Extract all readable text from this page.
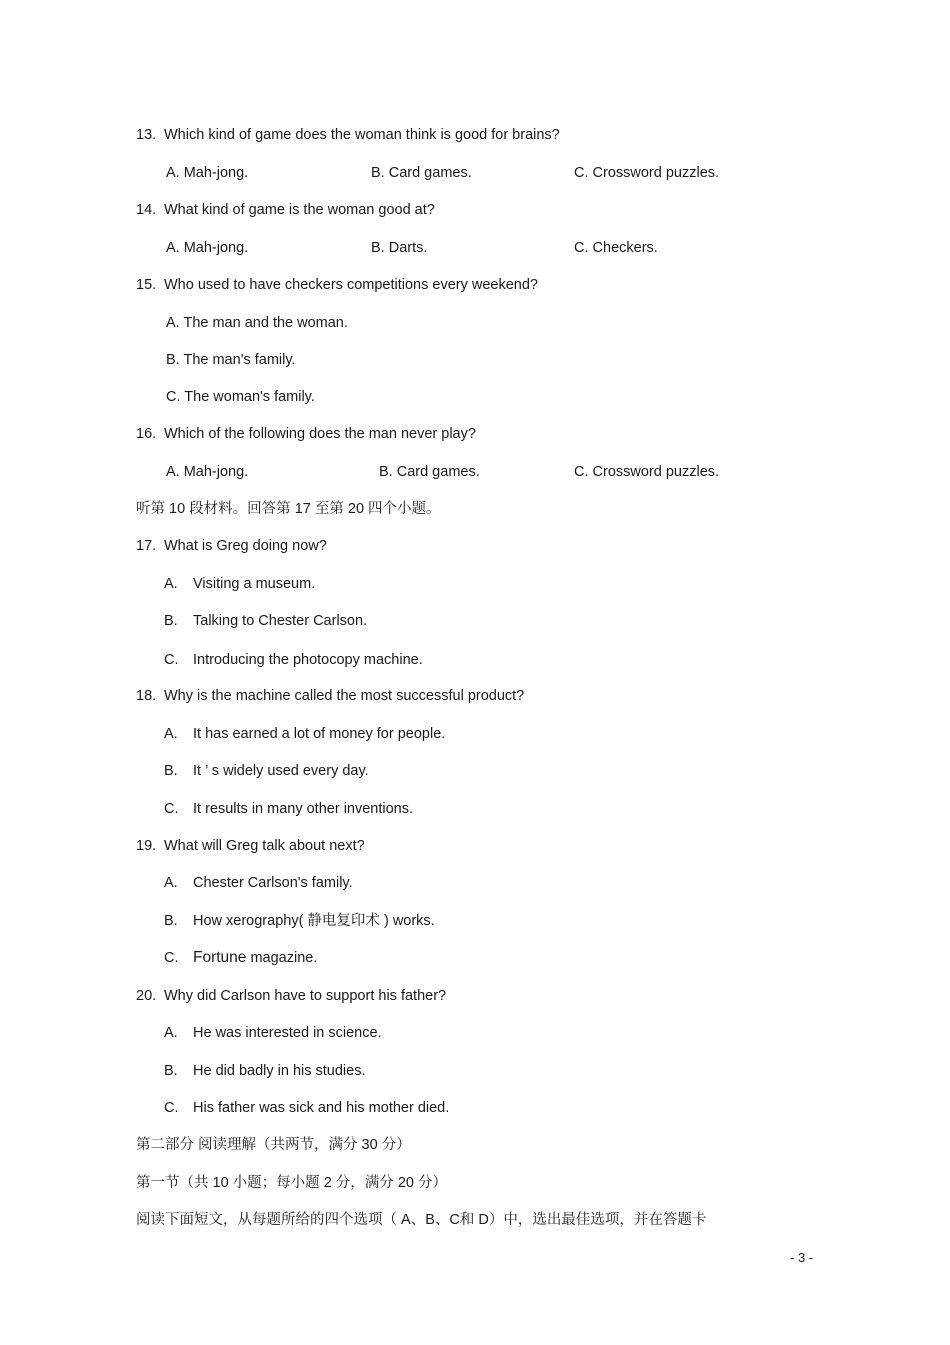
13. Which kind of game does the woman think is good for brains?
A. Mah-jong.	B. Card games.	C. Crossword puzzles.
14. What kind of game is the woman good at?
A. Mah-jong.	B. Darts.	C. Checkers.
15. Who used to have checkers competitions every weekend?
A. The man and the woman.
B. The man's family.
C. The woman's family.
16. Which of the following does the man never play?
A. Mah-jong.	B. Card games.	C. Crossword puzzles.
听第 10 段材料。回答第 17 至第 20 四个小题。
17. What is Greg doing now?
A. Visiting a museum.
B. Talking to Chester Carlson.
C. Introducing the photocopy machine.
18. Why is the machine called the most successful product?
A. It has earned a lot of money for people.
B. It ’ s widely used every day.
C. It results in many other inventions.
19. What will Greg talk about next?
A. Chester Carlson's family.
B. How xerography( 静电复印术 ) works.
C. Fortune magazine.
20. Why did Carlson have to support his father?
A. He was interested in science.
B. He did badly in his studies.
C. His father was sick and his mother died.
第二部分 阅读理解（共两节，满分 30 分）
第一节（共 10 小题；每小题 2 分，满分 20 分）
阅读下面短文，从每题所给的四个选项（ A、B、C和 D）中，选出最佳选项，并在答题卡
- 3 -
